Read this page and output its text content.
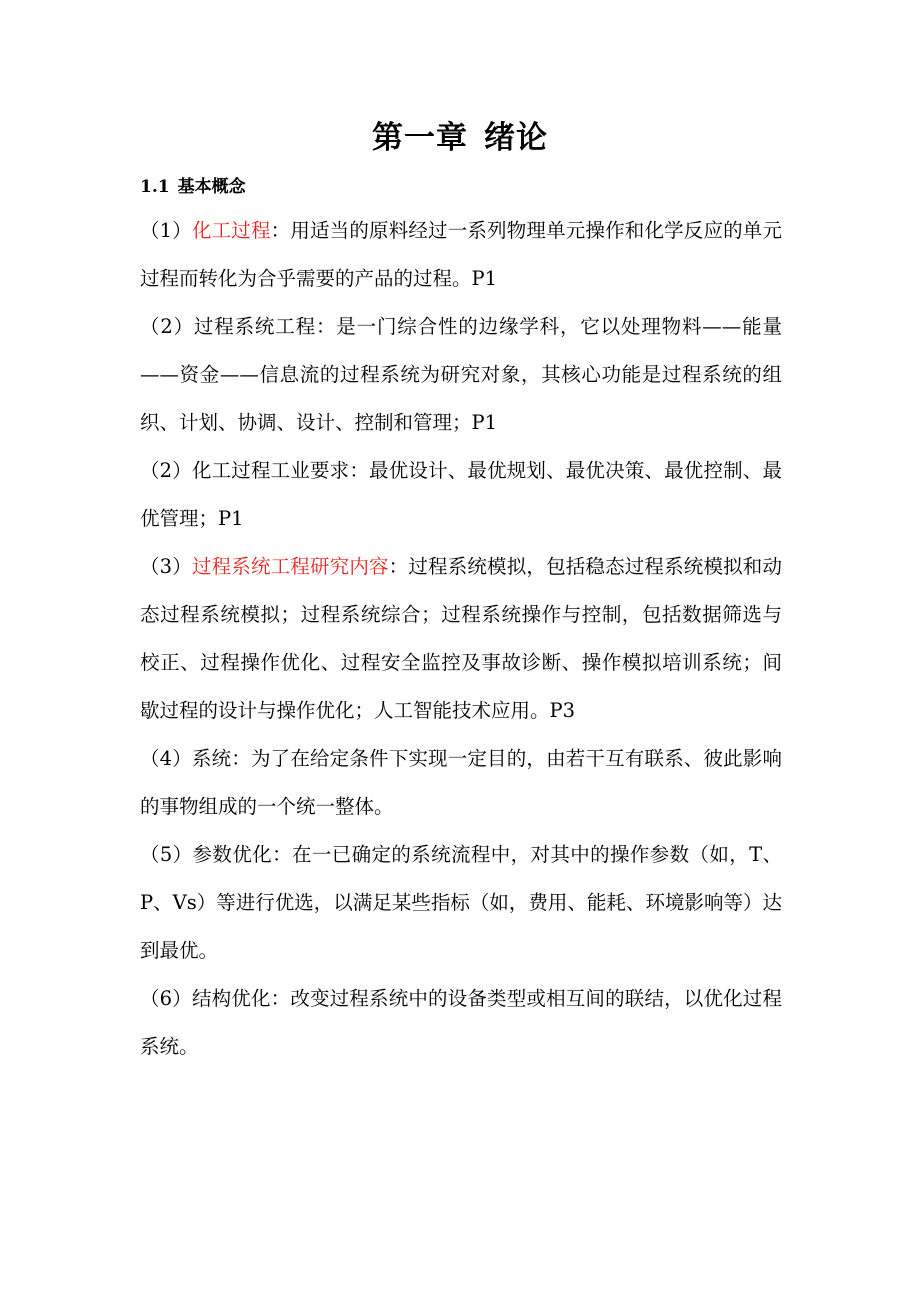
第一章 绪论
1.1 基本概念

（1）化工过程：用适当的原料经过一系列物理单元操作和化学反应的单元过程而转化为合乎需要的产品的过程。P1

（2）过程系统工程：是一门综合性的边缘学科，它以处理物料——能量——资金——信息流的过程系统为研究对象，其核心功能是过程系统的组织、计划、协调、设计、控制和管理；P1

（2）化工过程工业要求：最优设计、最优规划、最优决策、最优控制、最优管理；P1

（3）过程系统工程研究内容：过程系统模拟，包括稳态过程系统模拟和动态过程系统模拟；过程系统综合；过程系统操作与控制，包括数据筛选与校正、过程操作优化、过程安全监控及事故诊断、操作模拟培训系统；间歇过程的设计与操作优化；人工智能技术应用。P3

（4）系统：为了在给定条件下实现一定目的，由若干互有联系、彼此影响的事物组成的一个统一整体。

（5）参数优化：在一已确定的系统流程中，对其中的操作参数（如，T、P、Vs）等进行优选，以满足某些指标（如，费用、能耗、环境影响等）达到最优。

（6）结构优化：改变过程系统中的设备类型或相互间的联结，以优化过程系统。
